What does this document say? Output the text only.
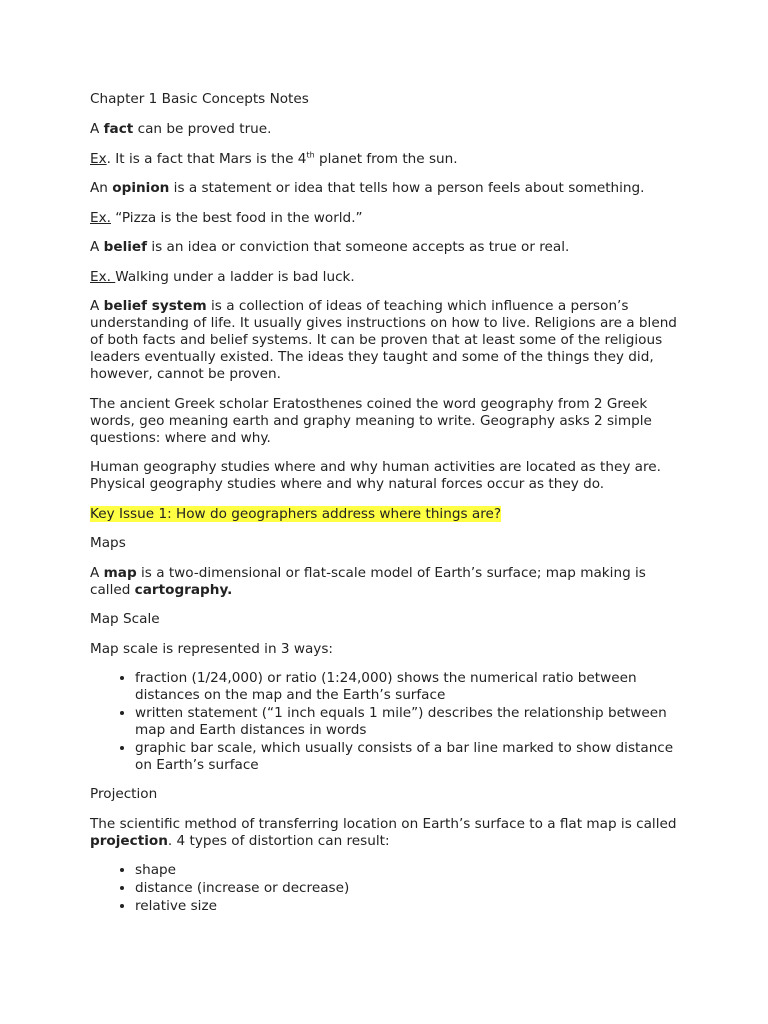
Chapter 1 Basic Concepts Notes

A fact can be proved true.

Ex. It is a fact that Mars is the 4th planet from the sun.

An opinion is a statement or idea that tells how a person feels about something.

Ex. “Pizza is the best food in the world.”

A belief is an idea or conviction that someone accepts as true or real.

Ex. Walking under a ladder is bad luck.

A belief system is a collection of ideas of teaching which influence a person’s understanding of life. It usually gives instructions on how to live. Religions are a blend of both facts and belief systems. It can be proven that at least some of the religious leaders eventually existed. The ideas they taught and some of the things they did, however, cannot be proven.

The ancient Greek scholar Eratosthenes coined the word geography from 2 Greek words, geo meaning earth and graphy meaning to write. Geography asks 2 simple questions: where and why.

Human geography studies where and why human activities are located as they are. Physical geography studies where and why natural forces occur as they do.

Key Issue 1: How do geographers address where things are?

Maps

A map is a two-dimensional or flat-scale model of Earth’s surface; map making is called cartography.

Map Scale

Map scale is represented in 3 ways:

• fraction (1/24,000) or ratio (1:24,000) shows the numerical ratio between distances on the map and the Earth’s surface
• written statement (“1 inch equals 1 mile”) describes the relationship between map and Earth distances in words
• graphic bar scale, which usually consists of a bar line marked to show distance on Earth’s surface

Projection

The scientific method of transferring location on Earth’s surface to a flat map is called projection. 4 types of distortion can result:

• shape
• distance (increase or decrease)
• relative size
